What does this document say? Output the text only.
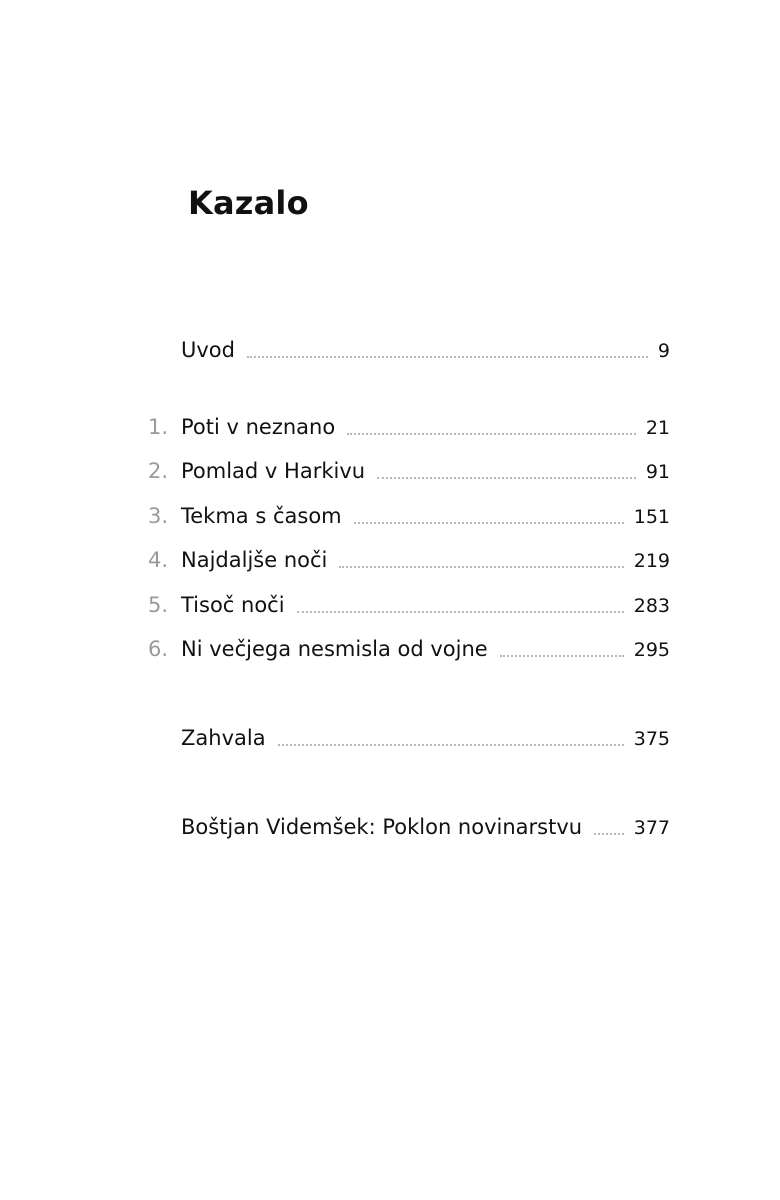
Kazalo
Uvod	9
1. Poti v neznano	21
2. Pomlad v Harkivu	91
3. Tekma s časom	151
4. Najdaljše noči	219
5. Tisoč noči	283
6. Ni večjega nesmisla od vojne	295
Zahvala	375
Boštjan Videmšek: Poklon novinarstvu	377
